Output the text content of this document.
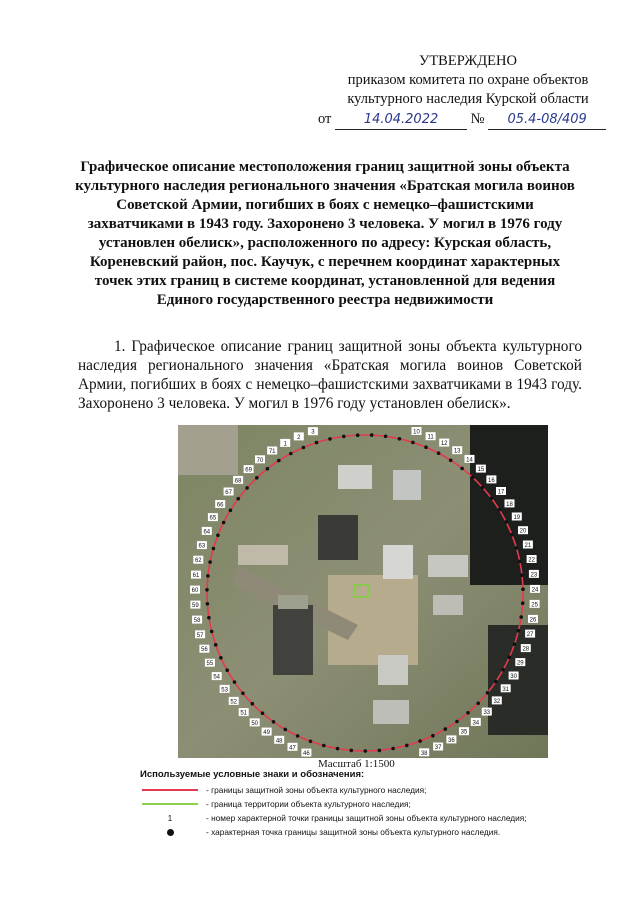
УТВЕРЖДЕНО
приказом комитета по охране объектов
культурного наследия Курской области
от 14.04.2022 № 05.4-08/409
Графическое описание местоположения границ защитной зоны объекта культурного наследия регионального значения «Братская могила воинов Советской Армии, погибших в боях с немецко–фашистскими захватчиками в 1943 году. Захоронено 3 человека. У могил в 1976 году установлен обелиск», расположенного по адресу: Курская область, Кореневский район, пос. Каучук, с перечнем координат характерных точек этих границ в системе координат, установленной для ведения Единого государственного реестра недвижимости
1. Графическое описание границ защитной зоны объекта культурного наследия регионального значения «Братская могила воинов Советской Армии, погибших в боях с немецко–фашистскими захватчиками в 1943 году. Захоронено 3 человека. У могил в 1976 году установлен обелиск».
1
2
3	10
11
12
13
14
15
16
17
18
19
20
21
22
23
24
25
26
27
28
29
30
31
32
33
34
35
36
37
38
46
47
48
49
50
51
52
53
54
55
56
57
58
59
60
61
62
63
64
65
66
67
68
69
70
71
Масштаб 1:1500
Используемые условные знаки и обозначения:
- границы защитной зоны объекта культурного наследия;
- граница территории объекта культурного наследия;
1	- номер характерной точки границы защитной зоны объекта культурного наследия;
- характерная точка границы защитной зоны объекта культурного наследия.
